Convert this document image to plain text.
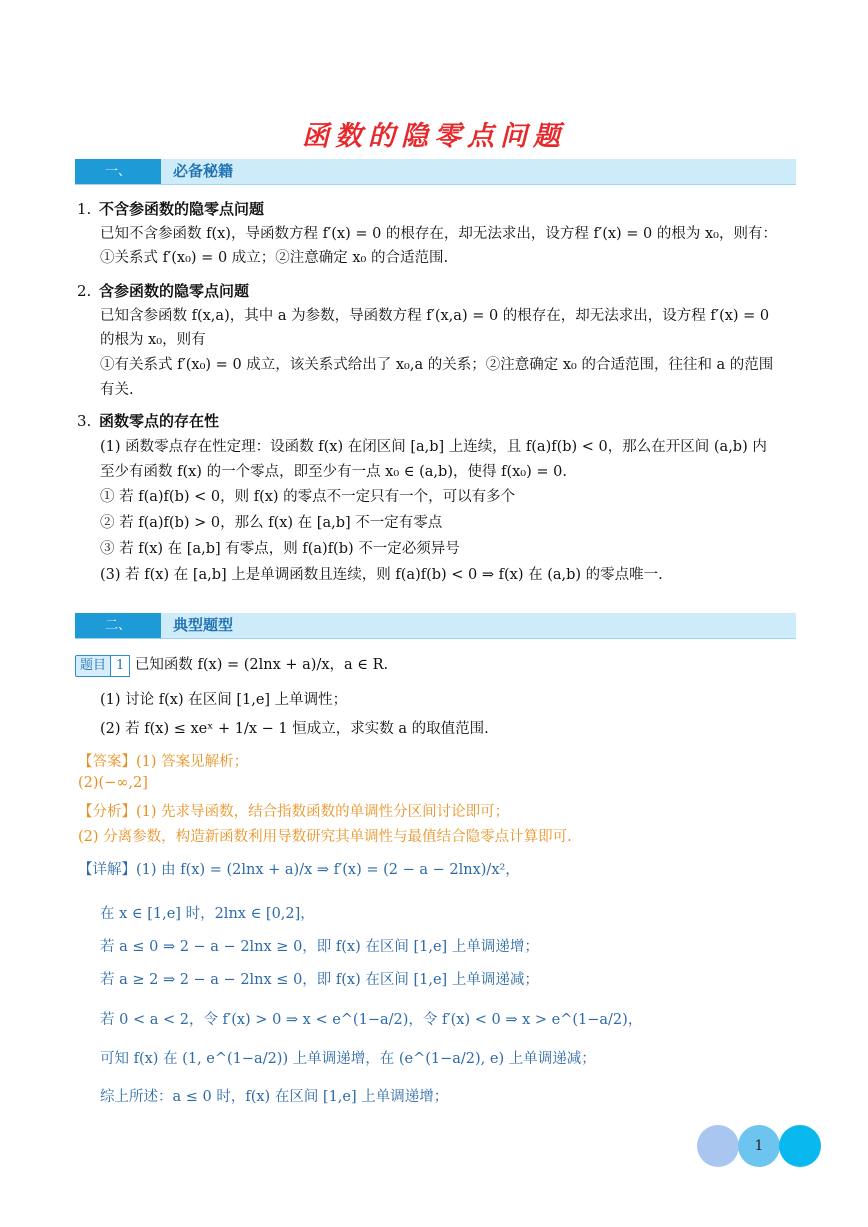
函数的隐零点问题
一、	必备秘籍
1. 不含参函数的隐零点问题
已知不含参函数 f(x)，导函数方程 f′(x) = 0 的根存在，却无法求出，设方程 f′(x) = 0 的根为 x₀，则有：
①关系式 f′(x₀) = 0 成立；②注意确定 x₀ 的合适范围.
2. 含参函数的隐零点问题
已知含参函数 f(x,a)，其中 a 为参数，导函数方程 f′(x,a) = 0 的根存在，却无法求出，设方程 f′(x) = 0
的根为 x₀，则有
①有关系式 f′(x₀) = 0 成立，该关系式给出了 x₀,a 的关系；②注意确定 x₀ 的合适范围，往往和 a 的范围
有关.
3. 函数零点的存在性
(1) 函数零点存在性定理：设函数 f(x) 在闭区间 [a,b] 上连续，且 f(a)f(b) < 0，那么在开区间 (a,b) 内
至少有函数 f(x) 的一个零点，即至少有一点 x₀ ∈ (a,b)，使得 f(x₀) = 0.
① 若 f(a)f(b) < 0，则 f(x) 的零点不一定只有一个，可以有多个
② 若 f(a)f(b) > 0，那么 f(x) 在 [a,b] 不一定有零点
③ 若 f(x) 在 [a,b] 有零点，则 f(a)f(b) 不一定必须异号
(3) 若 f(x) 在 [a,b] 上是单调函数且连续，则 f(a)f(b) < 0 ⇒ f(x) 在 (a,b) 的零点唯一.
二、	典型题型
题目 1 已知函数 f(x) = (2lnx + a)/x，a ∈ R.
(1) 讨论 f(x) 在区间 [1,e] 上单调性；
(2) 若 f(x) ≤ xeˣ + 1/x − 1 恒成立，求实数 a 的取值范围.
【答案】(1) 答案见解析；
(2)(−∞,2]
【分析】(1) 先求导函数，结合指数函数的单调性分区间讨论即可；
(2) 分离参数，构造新函数利用导数研究其单调性与最值结合隐零点计算即可.
【详解】(1) 由 f(x) = (2lnx + a)/x ⇒ f′(x) = (2 − a − 2lnx)/x²，
在 x ∈ [1,e] 时，2lnx ∈ [0,2]，
若 a ≤ 0 ⇒ 2 − a − 2lnx ≥ 0，即 f(x) 在区间 [1,e] 上单调递增；
若 a ≥ 2 ⇒ 2 − a − 2lnx ≤ 0，即 f(x) 在区间 [1,e] 上单调递减；
若 0 < a < 2，令 f′(x) > 0 ⇒ x < e^(1−a/2)，令 f′(x) < 0 ⇒ x > e^(1−a/2)，
可知 f(x) 在 (1, e^(1−a/2)) 上单调递增，在 (e^(1−a/2), e) 上单调递减；
综上所述：a ≤ 0 时，f(x) 在区间 [1,e] 上单调递增；
1
